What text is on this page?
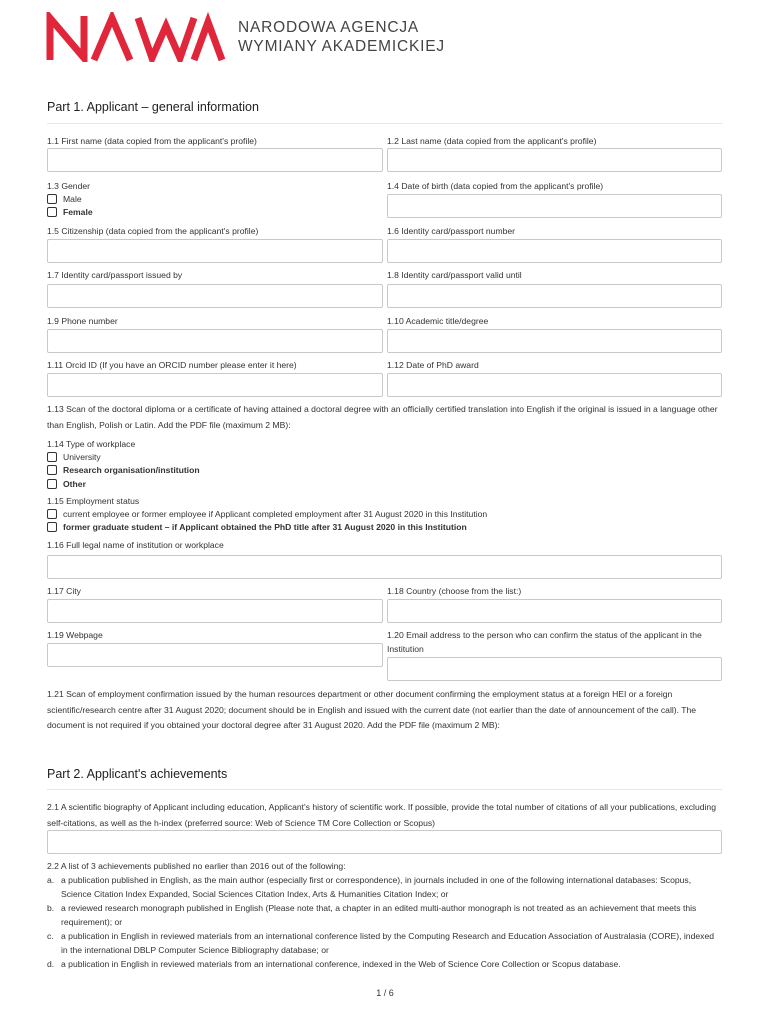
NARODOWA AGENCJA
WYMIANY AKADEMICKIEJ
Part 1. Applicant – general information
1.1 First name (data copied from the applicant's profile)	1.2 Last name (data copied from the applicant's profile)
1.3 Gender
Male
Female
1.4 Date of birth (data copied from the applicant's profile)
1.5 Citizenship (data copied from the applicant's profile)	1.6 Identity card/passport number
1.7 Identity card/passport issued by	1.8 Identity card/passport valid until
1.9 Phone number	1.10 Academic title/degree
1.11 Orcid ID (If you have an ORCID number please enter it here)	1.12 Date of PhD award
1.13 Scan of the doctoral diploma or a certificate of having attained a doctoral degree with an officially certified translation into English if the original is issued in a language other than English, Polish or Latin. Add the PDF file (maximum 2 MB):
1.14 Type of workplace
University
Research organisation/institution
Other
1.15 Employment status
current employee or former employee if Applicant completed employment after 31 August 2020 in this Institution
former graduate student – if Applicant obtained the PhD title after 31 August 2020 in this Institution
1.16 Full legal name of institution or workplace
1.17 City	1.18 Country (choose from the list:)
1.19 Webpage	1.20 Email address to the person who can confirm the status of the applicant in the Institution
1.21 Scan of employment confirmation issued by the human resources department or other document confirming the employment status at a foreign HEI or a foreign scientific/research centre after 31 August 2020; document should be in English and issued with the current date (not earlier than the date of announcement of the call). The document is not required if you obtained your doctoral degree after 31 August 2020. Add the PDF file (maximum 2 MB):
Part 2. Applicant's achievements
2.1 A scientific biography of Applicant including education, Applicant's history of scientific work. If possible, provide the total number of citations of all your publications, excluding self-citations, as well as the h-index (preferred source: Web of Science TM Core Collection or Scopus)
2.2 A list of 3 achievements published no earlier than 2016 out of the following:
a. a publication published in English, as the main author (especially first or correspondence), in journals included in one of the following international databases: Scopus, Science Citation Index Expanded, Social Sciences Citation Index, Arts & Humanities Citation Index; or
b. a reviewed research monograph published in English (Please note that, a chapter in an edited multi-author monograph is not treated as an achievement that meets this requirement); or
c. a publication in English in reviewed materials from an international conference listed by the Computing Research and Education Association of Australasia (CORE), indexed in the international DBLP Computer Science Bibliography database; or
d. a publication in English in reviewed materials from an international conference, indexed in the Web of Science Core Collection or Scopus database.
1 / 6
